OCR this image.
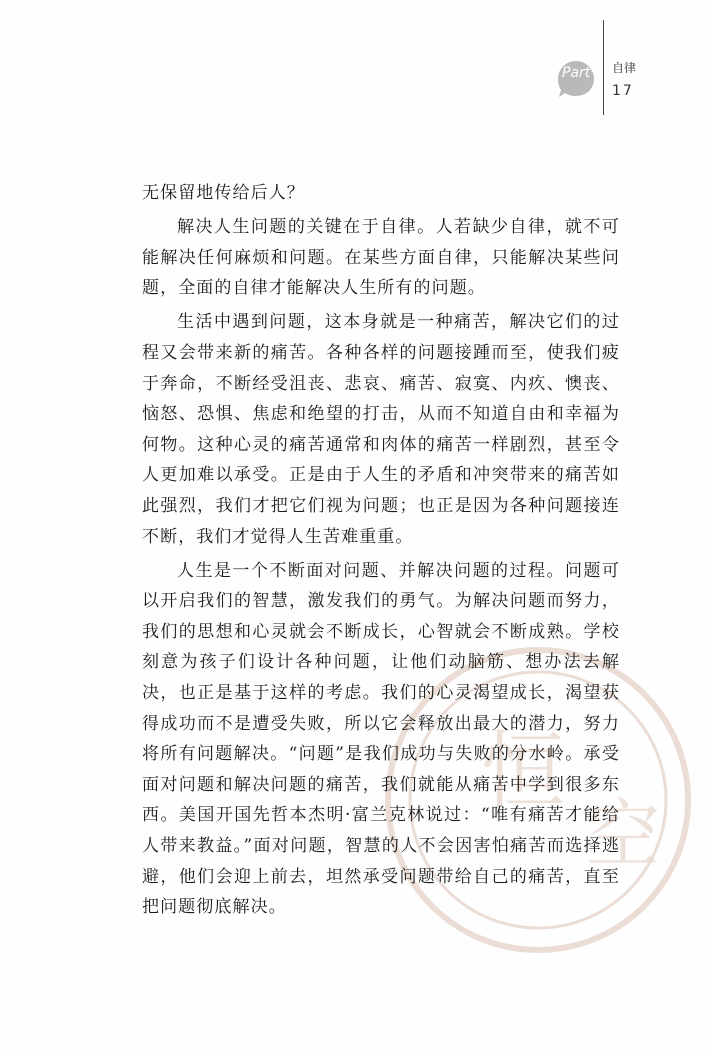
Part$^1$ 自律
17
恒
空

无保留地传给后人？

解决人生问题的关键在于自律。人若缺少自律，就不可能解决任何麻烦和问题。在某些方面自律，只能解决某些问题，全面的自律才能解决人生所有的问题。

生活中遇到问题，这本身就是一种痛苦，解决它们的过程又会带来新的痛苦。各种各样的问题接踵而至，使我们疲于奔命，不断经受沮丧、悲哀、痛苦、寂寞、内疚、懊丧、恼怒、恐惧、焦虑和绝望的打击，从而不知道自由和幸福为何物。这种心灵的痛苦通常和肉体的痛苦一样剧烈，甚至令人更加难以承受。正是由于人生的矛盾和冲突带来的痛苦如此强烈，我们才把它们视为问题；也正是因为各种问题接连不断，我们才觉得人生苦难重重。

人生是一个不断面对问题、并解决问题的过程。问题可以开启我们的智慧，激发我们的勇气。为解决问题而努力，我们的思想和心灵就会不断成长，心智就会不断成熟。学校刻意为孩子们设计各种问题，让他们动脑筋、想办法去解决，也正是基于这样的考虑。我们的心灵渴望成长，渴望获得成功而不是遭受失败，所以它会释放出最大的潜力，努力将所有问题解决。“问题”是我们成功与失败的分水岭。承受面对问题和解决问题的痛苦，我们就能从痛苦中学到很多东西。美国开国先哲本杰明·富兰克林说过：“唯有痛苦才能给人带来教益。”面对问题，智慧的人不会因害怕痛苦而选择逃避，他们会迎上前去，坦然承受问题带给自己的痛苦，直至把问题彻底解决。
